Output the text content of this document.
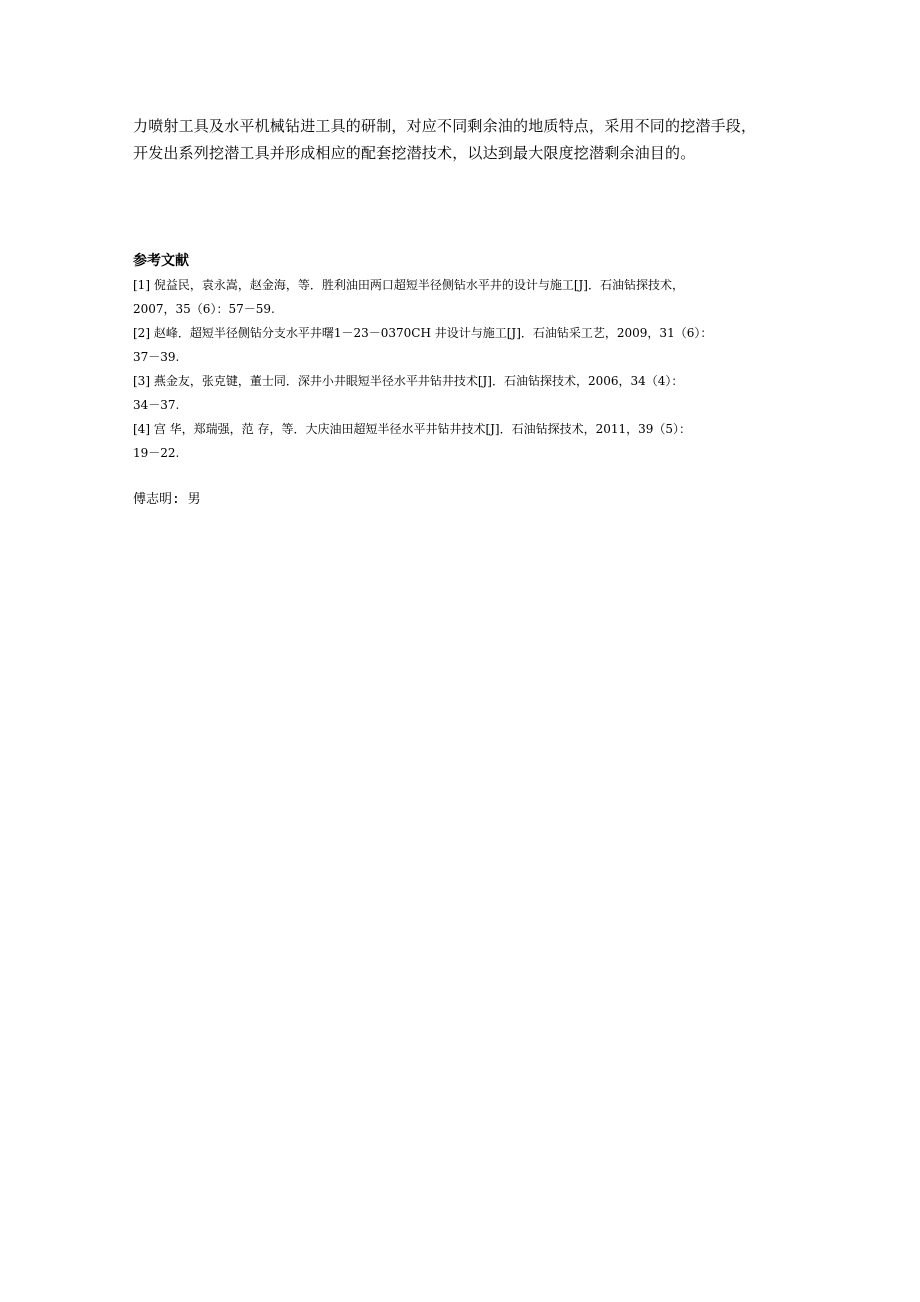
力喷射工具及水平机械钻进工具的研制，对应不同剩余油的地质特点，采用不同的挖潜手段，
开发出系列挖潜工具并形成相应的配套挖潜技术，以达到最大限度挖潜剩余油目的。

参考文献
[1] 倪益民，袁永嵩，赵金海，等．胜利油田两口超短半径侧钻水平井的设计与施工[J]．石油钻探技术，
2007，35（6）：57－59.
[2] 赵峰．超短半径侧钻分支水平井曙1－23－0370CH 井设计与施工[J]．石油钻采工艺，2009，31（6）：
37－39.
[3] 燕金友，张克键，董士同．深井小井眼短半径水平井钻井技术[J]．石油钻探技术，2006，34（4）：
34－37.
[4] 宫 华，郑瑞强，范 存，等．大庆油田超短半径水平井钻井技术[J]．石油钻探技术，2011，39（5）：
19－22.

傅志明: 男
